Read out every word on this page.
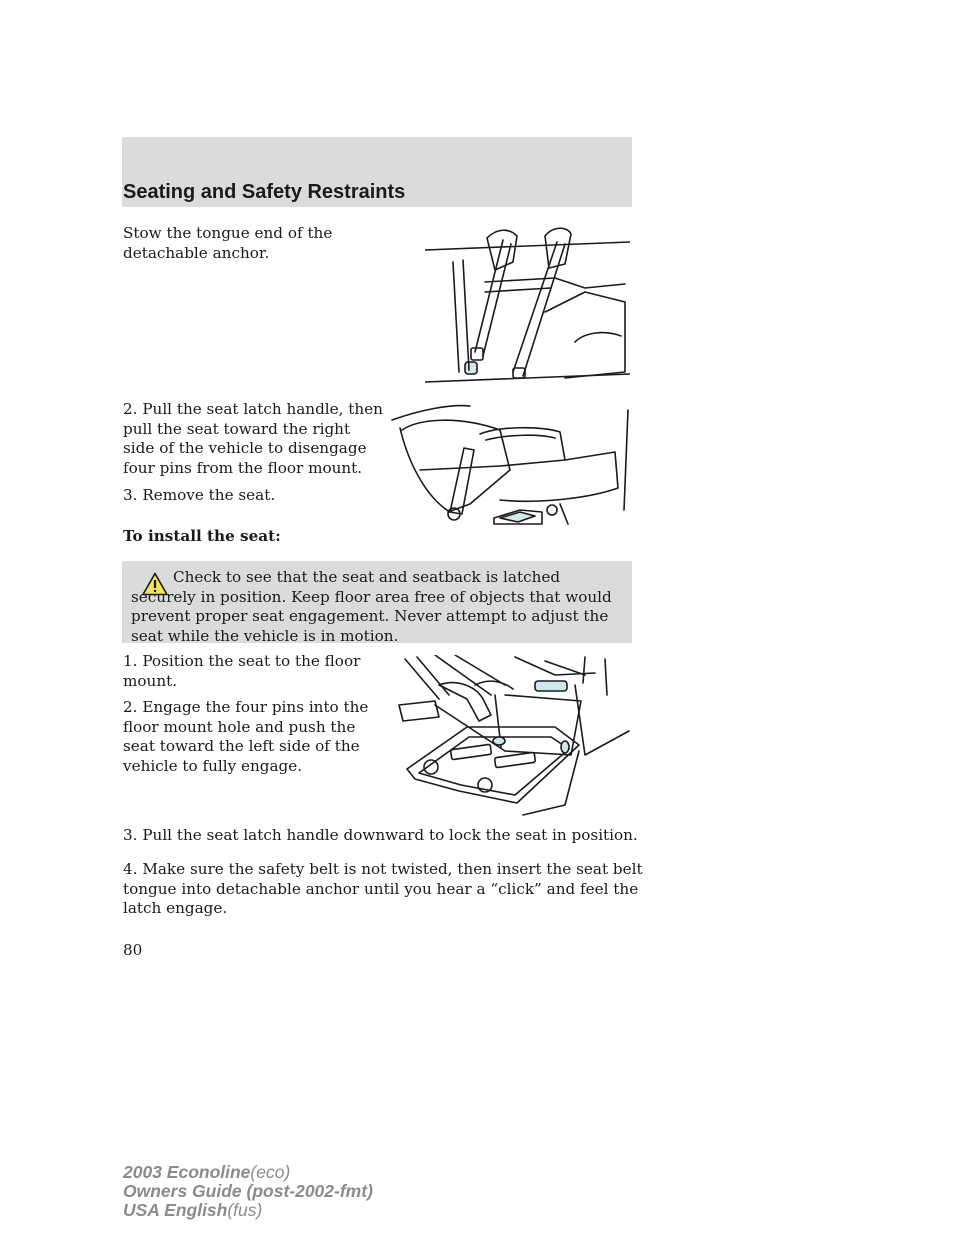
Seating and Safety Restraints

Stow the tongue end of the detachable anchor.

2. Pull the seat latch handle, then pull the seat toward the right side of the vehicle to disengage four pins from the floor mount.

3. Remove the seat.

To install the seat:

Check to see that the seat and seatback is latched securely in position. Keep floor area free of objects that would prevent proper seat engagement. Never attempt to adjust the seat while the vehicle is in motion.

1. Position the seat to the floor mount.

2. Engage the four pins into the floor mount hole and push the seat toward the left side of the vehicle to fully engage.

3. Pull the seat latch handle downward to lock the seat in position.

4. Make sure the safety belt is not twisted, then insert the seat belt tongue into detachable anchor until you hear a “click” and feel the latch engage.

80
2003 Econoline(eco)
Owners Guide (post-2002-fmt)
USA English(fus)
